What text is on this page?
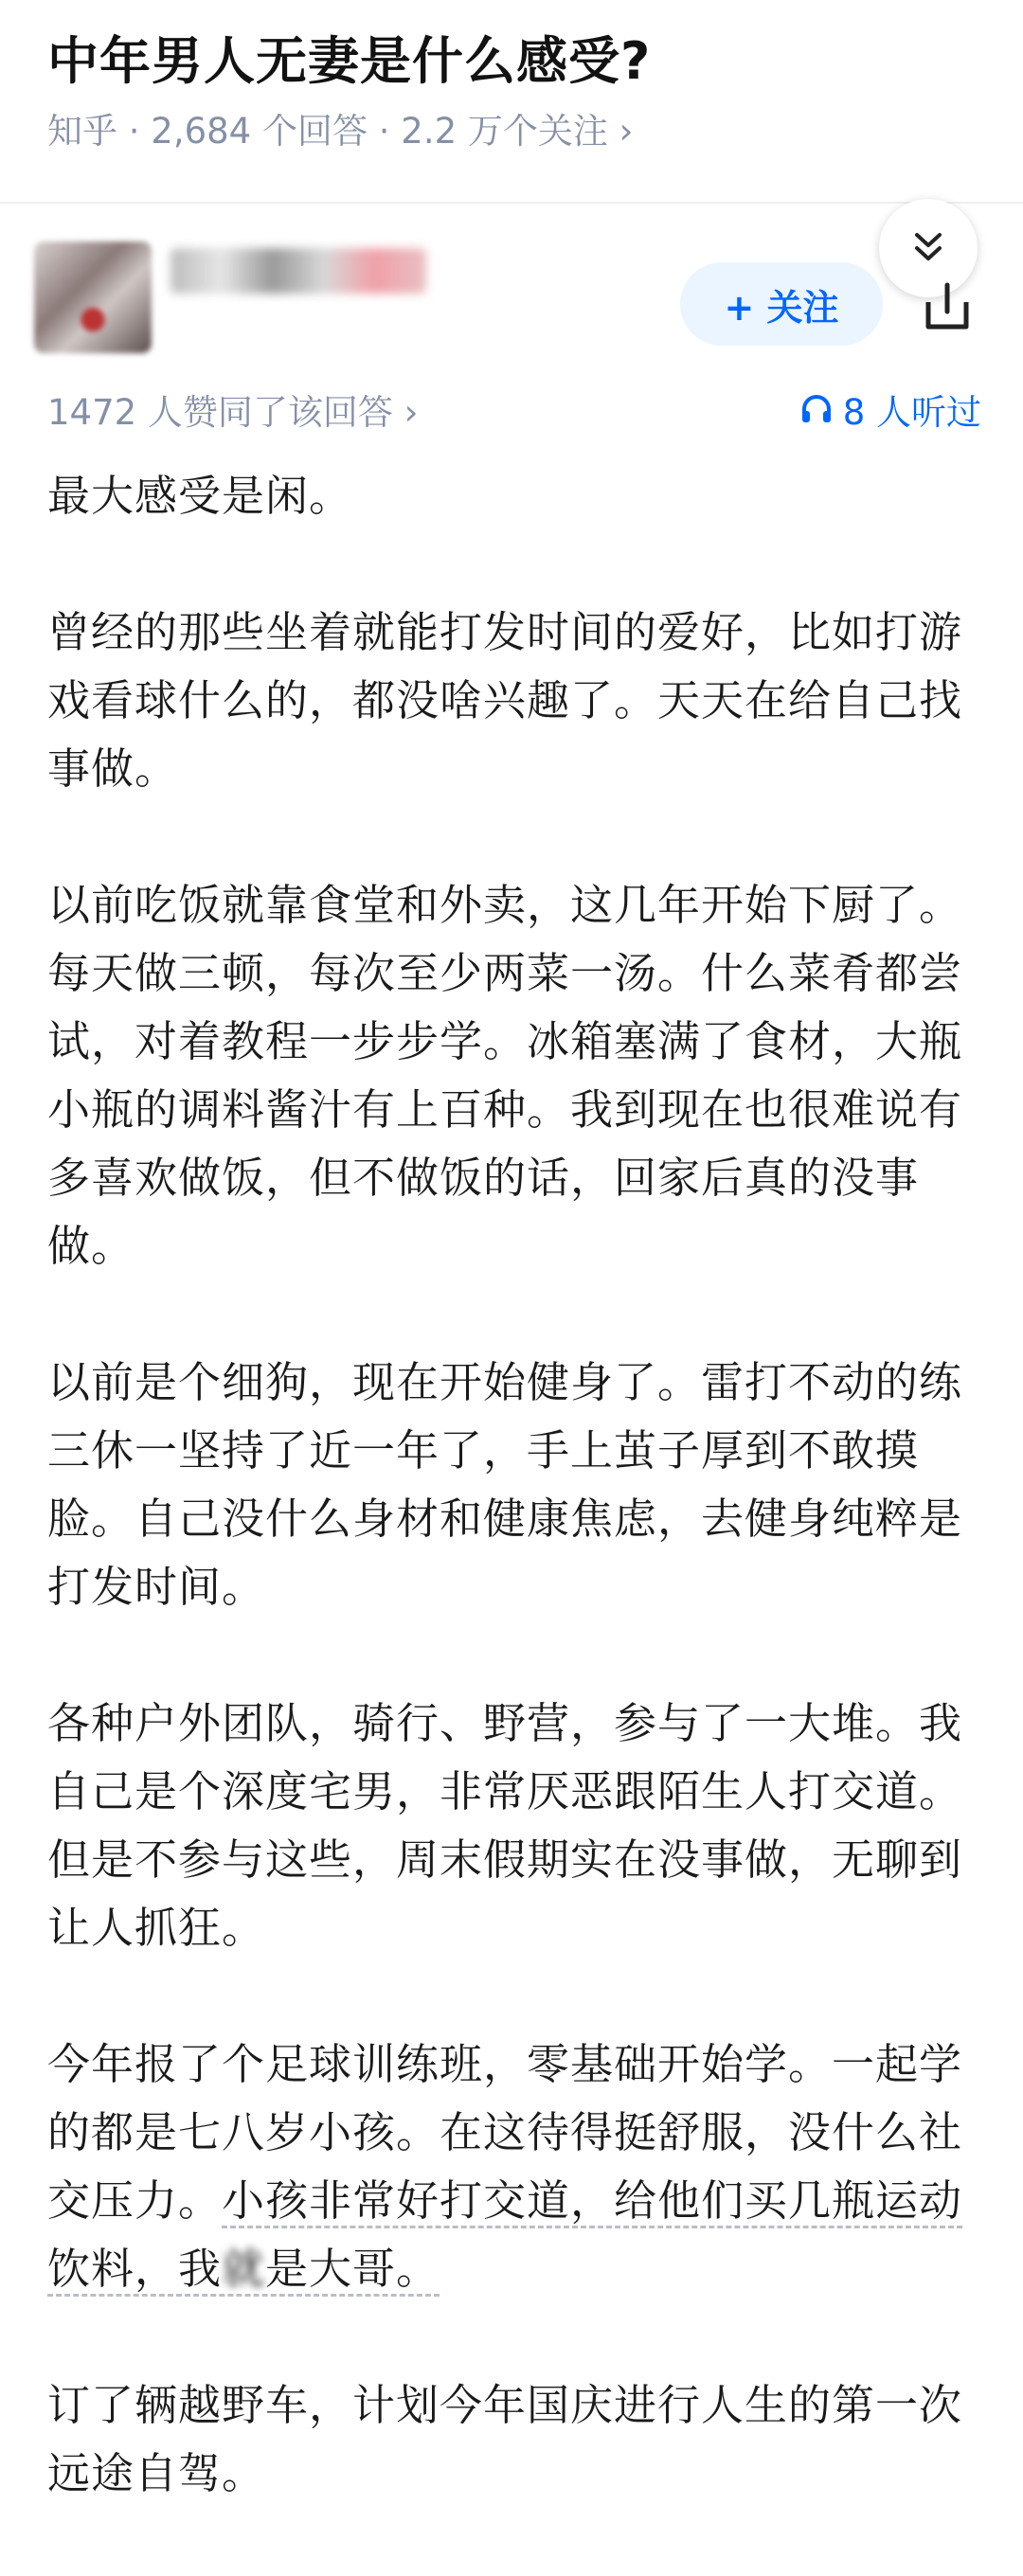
中年男人无妻是什么感受?
知乎 · 2,684 个回答 · 2.2 万个关注 ›
+ 关注
1472 人赞同了该回答 ›	8 人听过

最大感受是闲。

曾经的那些坐着就能打发时间的爱好，比如打游戏看球什么的，都没啥兴趣了。天天在给自己找事做。

以前吃饭就靠食堂和外卖，这几年开始下厨了。每天做三顿，每次至少两菜一汤。什么菜肴都尝试，对着教程一步步学。冰箱塞满了食材，大瓶小瓶的调料酱汁有上百种。我到现在也很难说有多喜欢做饭，但不做饭的话，回家后真的没事做。

以前是个细狗，现在开始健身了。雷打不动的练三休一坚持了近一年了，手上茧子厚到不敢摸脸。自己没什么身材和健康焦虑，去健身纯粹是打发时间。

各种户外团队，骑行、野营，参与了一大堆。我自己是个深度宅男，非常厌恶跟陌生人打交道。但是不参与这些，周末假期实在没事做，无聊到让人抓狂。

今年报了个足球训练班，零基础开始学。一起学的都是七八岁小孩。在这待得挺舒服，没什么社交压力。小孩非常好打交道，给他们买几瓶运动饮料，我就是大哥。

订了辆越野车，计划今年国庆进行人生的第一次远途自驾。
